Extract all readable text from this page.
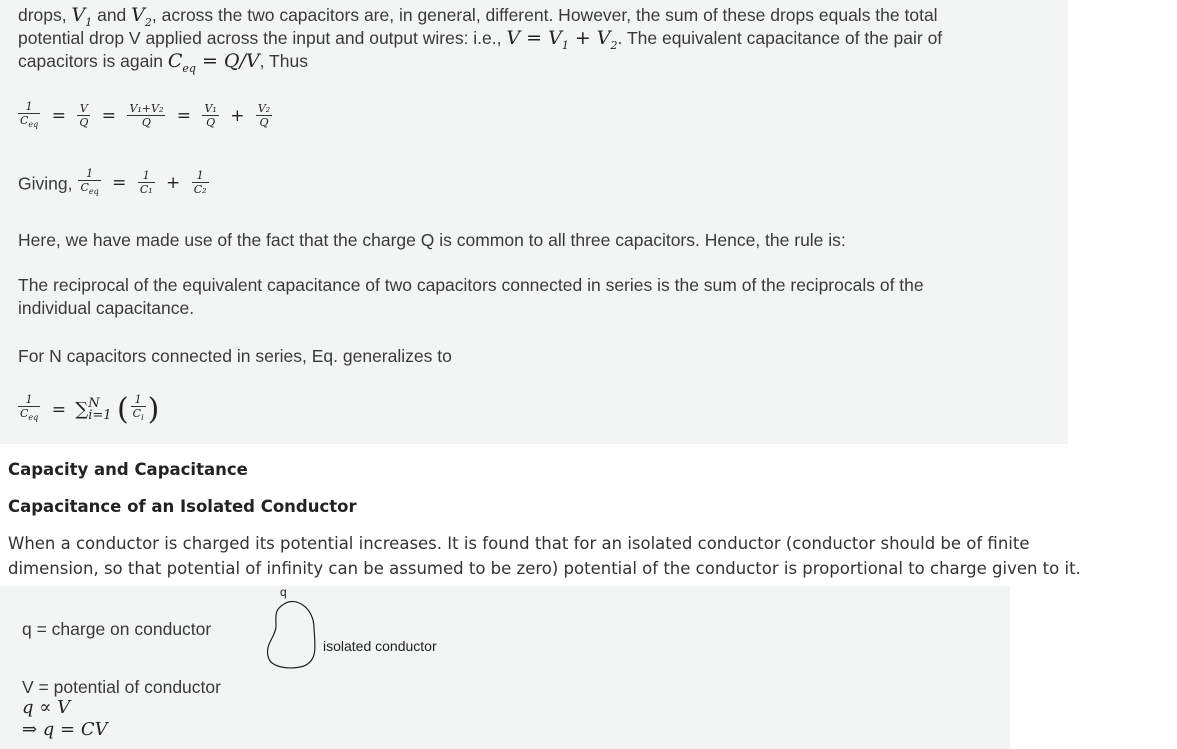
drops, $V_1$ and $V_2$, across the two capacitors are, in general, different. However, the sum of these drops equals the total
potential drop V applied across the input and output wires: i.e., $V = V_1 + V_2$. The equivalent capacitance of the pair of
capacitors is again $C_{eq} = Q/V$, Thus
$\frac{1}{C_{eq}} = \frac{V}{Q} = \frac{\text{V₁+V₂}}{Q} = \frac{\text{V₁}}{Q} + \frac{\text{V₂}}{Q}$
Giving, $\frac{1}{C_{eq}} = \frac{1}{\text{C₁}} + \frac{1}{\text{C₂}}$
Here, we have made use of the fact that the charge Q is common to all three capacitors. Hence, the rule is:
The reciprocal of the equivalent capacitance of two capacitors connected in series is the sum of the reciprocals of the
individual capacitance.
For N capacitors connected in series, Eq. generalizes to
$\frac{1}{C_{eq}}$ = ∑ N
i=1 ( $\frac{1}{C_i}$ )
Capacity and Capacitance
Capacitance of an Isolated Conductor
When a conductor is charged its potential increases. It is found that for an isolated conductor (conductor should be of finite
dimension, so that potential of infinity can be assumed to be zero) potential of the conductor is proportional to charge given to it.
q = charge on conductor
q
isolated conductor
V = potential of conductor
q ∝ V
⇒ q = CV
